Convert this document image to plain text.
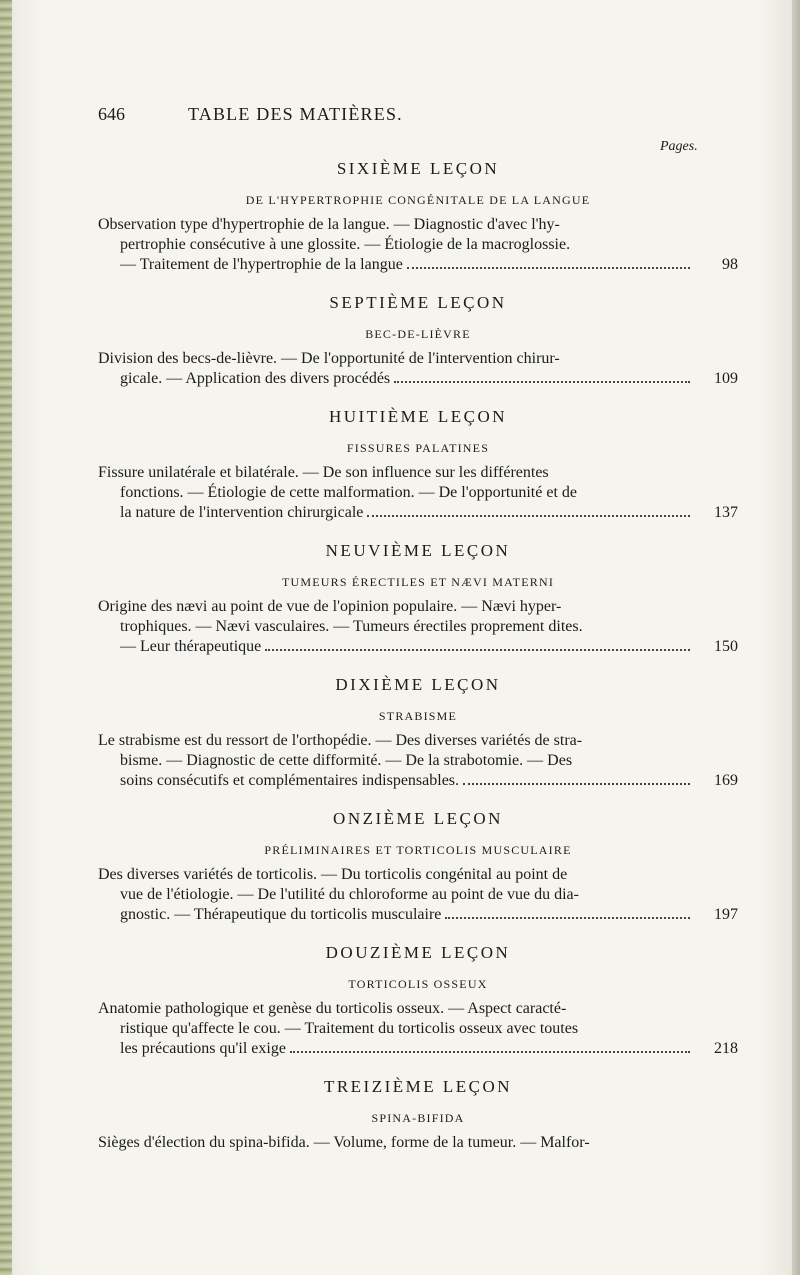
646	TABLE DES MATIÈRES.
Pages.
SIXIÈME LEÇON
DE L'HYPERTROPHIE CONGÉNITALE DE LA LANGUE
Observation type d'hypertrophie de la langue. — Diagnostic d'avec l'hy-
pertrophie consécutive à une glossite. — Étiologie de la macroglossie.
— Traitement de l'hypertrophie de la langue	98
SEPTIÈME LEÇON
BEC-DE-LIÈVRE
Division des becs-de-lièvre. — De l'opportunité de l'intervention chirur-
gicale. — Application des divers procédés	109
HUITIÈME LEÇON
FISSURES PALATINES
Fissure unilatérale et bilatérale. — De son influence sur les différentes
fonctions. — Étiologie de cette malformation. — De l'opportunité et de
la nature de l'intervention chirurgicale	137
NEUVIÈME LEÇON
TUMEURS ÉRECTILES ET NÆVI MATERNI
Origine des nævi au point de vue de l'opinion populaire. — Nævi hyper-
trophiques. — Nævi vasculaires. — Tumeurs érectiles proprement dites.
— Leur thérapeutique	150
DIXIÈME LEÇON
STRABISME
Le strabisme est du ressort de l'orthopédie. — Des diverses variétés de stra-
bisme. — Diagnostic de cette difformité. — De la strabotomie. — Des
soins consécutifs et complémentaires indispensables.	169
ONZIÈME LEÇON
PRÉLIMINAIRES ET TORTICOLIS MUSCULAIRE
Des diverses variétés de torticolis. — Du torticolis congénital au point de
vue de l'étiologie. — De l'utilité du chloroforme au point de vue du dia-
gnostic. — Thérapeutique du torticolis musculaire	197
DOUZIÈME LEÇON
TORTICOLIS OSSEUX
Anatomie pathologique et genèse du torticolis osseux. — Aspect caracté-
ristique qu'affecte le cou. — Traitement du torticolis osseux avec toutes
les précautions qu'il exige	218
TREIZIÈME LEÇON
SPINA-BIFIDA
Sièges d'élection du spina-bifida. — Volume, forme de la tumeur. — Malfor-
